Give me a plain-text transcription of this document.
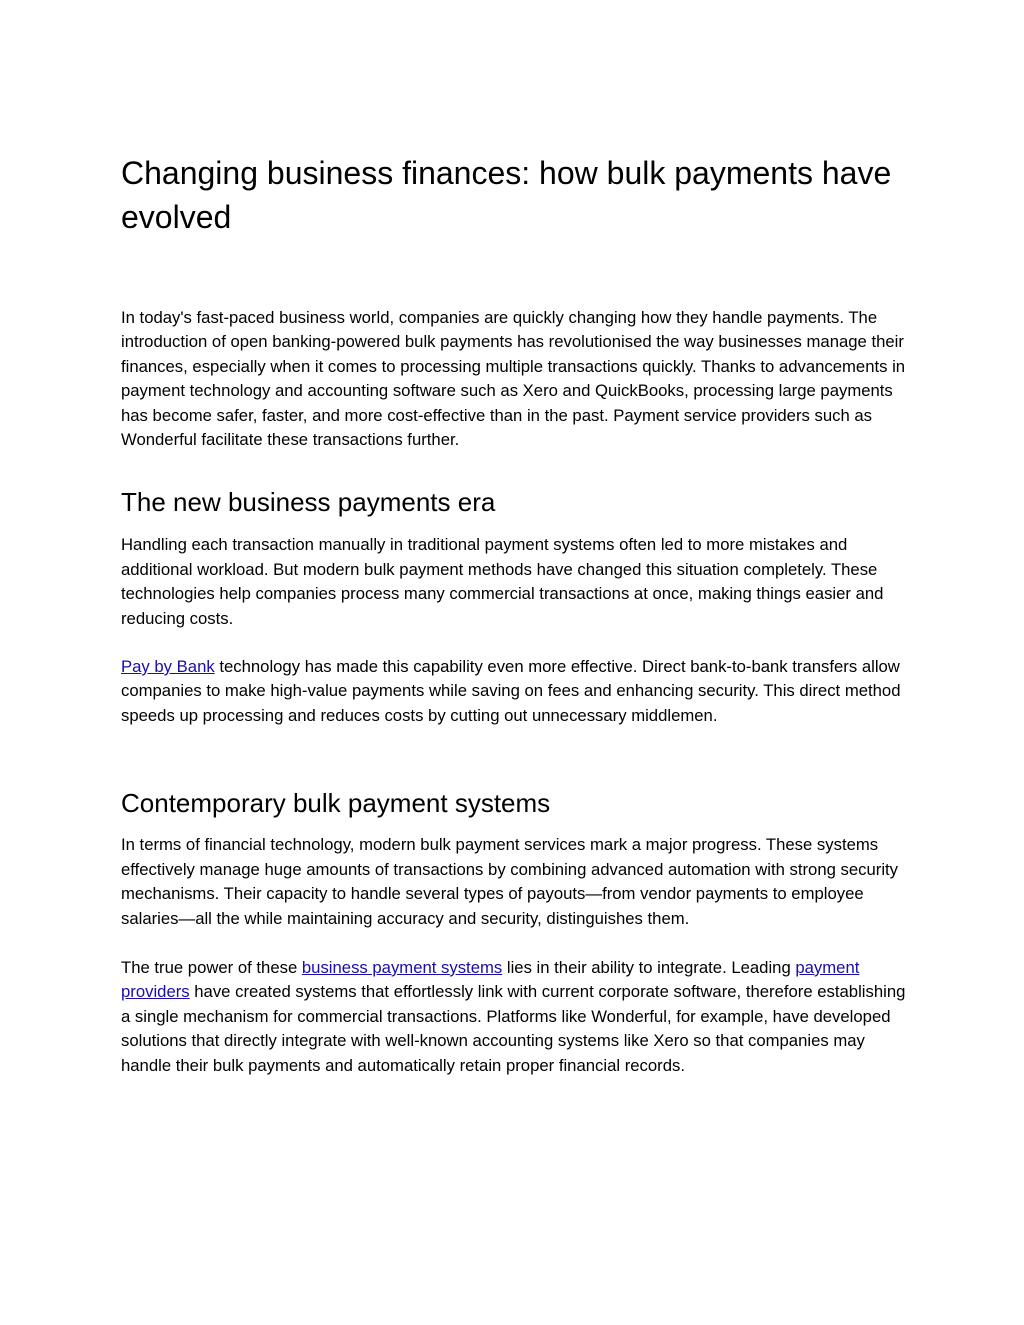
Changing business finances: how bulk payments have evolved

In today's fast-paced business world, companies are quickly changing how they handle payments. The introduction of open banking-powered bulk payments has revolutionised the way businesses manage their finances, especially when it comes to processing multiple transactions quickly. Thanks to advancements in payment technology and accounting software such as Xero and QuickBooks, processing large payments has become safer, faster, and more cost-effective than in the past. Payment service providers such as Wonderful facilitate these transactions further.

The new business payments era

Handling each transaction manually in traditional payment systems often led to more mistakes and additional workload. But modern bulk payment methods have changed this situation completely. These technologies help companies process many commercial transactions at once, making things easier and reducing costs.

Pay by Bank technology has made this capability even more effective. Direct bank-to-bank transfers allow companies to make high-value payments while saving on fees and enhancing security. This direct method speeds up processing and reduces costs by cutting out unnecessary middlemen.

Contemporary bulk payment systems

In terms of financial technology, modern bulk payment services mark a major progress. These systems effectively manage huge amounts of transactions by combining advanced automation with strong security mechanisms. Their capacity to handle several types of payouts—from vendor payments to employee salaries—all the while maintaining accuracy and security, distinguishes them.

The true power of these business payment systems lies in their ability to integrate. Leading payment providers have created systems that effortlessly link with current corporate software, therefore establishing a single mechanism for commercial transactions. Platforms like Wonderful, for example, have developed solutions that directly integrate with well-known accounting systems like Xero so that companies may handle their bulk payments and automatically retain proper financial records.
